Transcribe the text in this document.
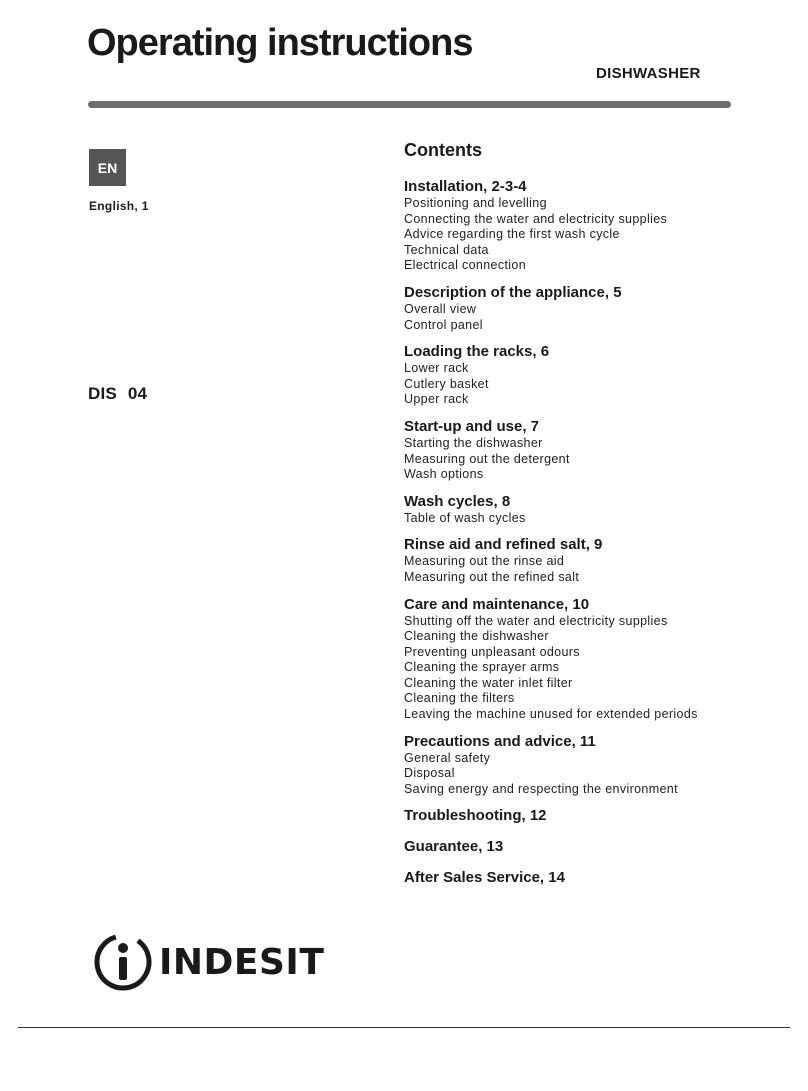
Operating instructions
DISHWASHER
EN
English, 1
DIS 04
Contents
Installation, 2-3-4
Positioning and levelling
Connecting the water and electricity supplies
Advice regarding the first wash cycle
Technical data
Electrical connection
Description of the appliance, 5
Overall view
Control panel
Loading the racks, 6
Lower rack
Cutlery basket
Upper rack
Start-up and use, 7
Starting the dishwasher
Measuring out the detergent
Wash options
Wash cycles, 8
Table of wash cycles
Rinse aid and refined salt, 9
Measuring out the rinse aid
Measuring out the refined salt
Care and maintenance, 10
Shutting off the water and electricity supplies
Cleaning the dishwasher
Preventing unpleasant odours
Cleaning the sprayer arms
Cleaning the water inlet filter
Cleaning the filters
Leaving the machine unused for extended periods
Precautions and advice, 11
General safety
Disposal
Saving energy and respecting the environment
Troubleshooting, 12
Guarantee, 13
After Sales Service, 14
INDESIT
